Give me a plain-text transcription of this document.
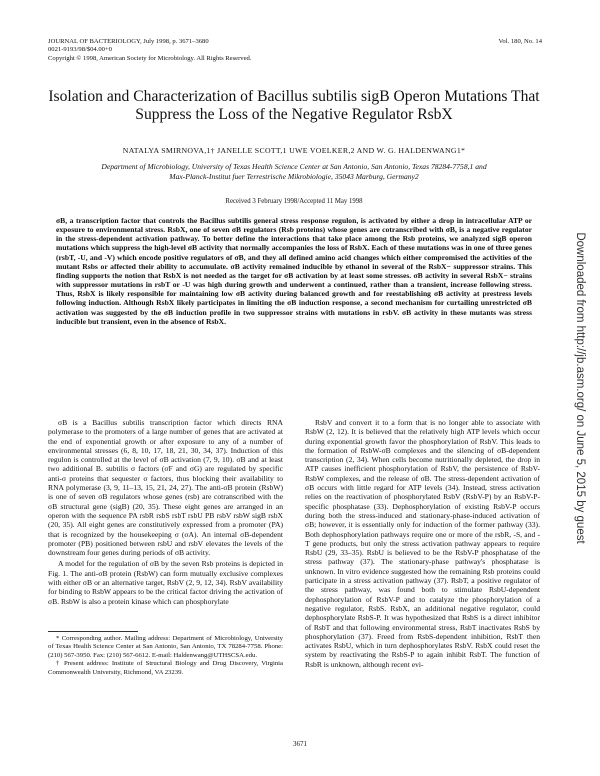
JOURNAL OF BACTERIOLOGY, July 1998, p. 3671–3680
0021-9193/98/$04.00+0
Copyright © 1998, American Society for Microbiology. All Rights Reserved.
Vol. 180, No. 14
Isolation and Characterization of Bacillus subtilis sigB Operon Mutations That Suppress the Loss of the Negative Regulator RsbX
NATALYA SMIRNOVA,1† JANELLE SCOTT,1 UWE VOELKER,2 AND W. G. HALDENWANG1*
Department of Microbiology, University of Texas Health Science Center at San Antonio, San Antonio, Texas 78284-7758,1 and Max-Planck-Institut fuer Terrestrische Mikrobiologie, 35043 Marburg, Germany2
Received 3 February 1998/Accepted 11 May 1998

σB, a transcription factor that controls the Bacillus subtilis general stress response regulon, is activated by either a drop in intracellular ATP or exposure to environmental stress. RsbX, one of seven σB regulators (Rsb proteins) whose genes are cotranscribed with σB, is a negative regulator in the stress-dependent activation pathway. To better define the interactions that take place among the Rsb proteins, we analyzed sigB operon mutations which suppress the high-level σB activity that normally accompanies the loss of RsbX. Each of these mutations was in one of three genes (rsbT, -U, and -V) which encode positive regulators of σB, and they all defined amino acid changes which either compromised the activities of the mutant Rsbs or affected their ability to accumulate. σB activity remained inducible by ethanol in several of the RsbX− suppressor strains. This finding supports the notion that RsbX is not needed as the target for σB activation by at least some stresses. σB activity in several RsbX− strains with suppressor mutations in rsbT or -U was high during growth and underwent a continued, rather than a transient, increase following stress. Thus, RsbX is likely responsible for maintaining low σB activity during balanced growth and for reestablishing σB activity at prestress levels following induction. Although RsbX likely participates in limiting the σB induction response, a second mechanism for curtailing unrestricted σB activation was suggested by the σB induction profile in two suppressor strains with mutations in rsbV. σB activity in these mutants was stress inducible but transient, even in the absence of RsbX.

σB is a Bacillus subtilis transcription factor which directs RNA polymerase to the promoters of a large number of genes that are activated at the end of exponential growth or after exposure to any of a number of environmental stresses (6, 8, 10, 17, 18, 21, 30, 34, 37). Induction of this regulon is controlled at the level of σB activation (7, 9, 10). σB and at least two additional B. subtilis σ factors (σF and σG) are regulated by specific anti-σ proteins that sequester σ factors, thus blocking their availability to RNA polymerase (3, 9, 11–13, 15, 21, 24, 27). The anti-σB protein (RsbW) is one of seven σB regulators whose genes (rsb) are cotranscribed with the σB structural gene (sigB) (20, 35). These eight genes are arranged in an operon with the sequence PA rsbR rsbS rsbT rsbU PB rsbV rsbW sigB rsbX (20, 35). All eight genes are constitutively expressed from a promoter (PA) that is recognized by the housekeeping σ (σA). An internal σB-dependent promoter (PB) positioned between rsbU and rsbV elevates the levels of the downstream four genes during periods of σB activity.

A model for the regulation of σB by the seven Rsb proteins is depicted in Fig. 1. The anti-σB protein (RsbW) can form mutually exclusive complexes with either σB or an alternative target, RsbV (2, 9, 12, 34). RsbV availability for binding to RsbW appears to be the critical factor driving the activation of σB. RsbW is also a protein kinase which can phosphorylate

RsbV and convert it to a form that is no longer able to associate with RsbW (2, 12). It is believed that the relatively high ATP levels which occur during exponential growth favor the phosphorylation of RsbV. This leads to the formation of RsbW-σB complexes and the silencing of σB-dependent transcription (2, 34). When cells become nutritionally depleted, the drop in ATP causes inefficient phosphorylation of RsbV, the persistence of RsbV-RsbW complexes, and the release of σB. The stress-dependent activation of σB occurs with little regard for ATP levels (34). Instead, stress activation relies on the reactivation of phosphorylated RsbV (RsbV-P) by an RsbV-P-specific phosphatase (33). Dephosphorylation of existing RsbV-P occurs during both the stress-induced and stationary-phase-induced activation of σB; however, it is essentially only for induction of the former pathway (33). Both dephosphorylation pathways require one or more of the rsbR, -S, and -T gene products, but only the stress activation pathway appears to require RsbU (29, 33–35). RsbU is believed to be the RsbV-P phosphatase of the stress pathway (37). The stationary-phase pathway's phosphatase is unknown. In vitro evidence suggested how the remaining Rsb proteins could participate in a stress activation pathway (37). RsbT, a positive regulator of the stress pathway, was found both to stimulate RsbU-dependent dephosphorylation of RsbV-P and to catalyze the phosphorylation of a negative regulator, RsbS. RsbX, an additional negative regulator, could dephosphorylate RsbS-P. It was hypothesized that RsbS is a direct inhibitor of RsbT and that following environmental stress, RsbT inactivates RsbS by phosphorylation (37). Freed from RsbS-dependent inhibition, RsbT then activates RsbU, which in turn dephosphorylates RsbV. RsbX could reset the system by reactivating the RsbS-P to again inhibit RsbT. The function of RsbR is unknown, although recent evi-

* Corresponding author. Mailing address: Department of Microbiology, University of Texas Health Science Center at San Antonio, San Antonio, TX 78284-7758. Phone: (210) 567-3950. Fax: (210) 567-6612. E-mail: Haldenwang@UTHSCSA.edu.

† Present address: Institute of Structural Biology and Drug Discovery, Virginia Commonwealth University, Richmond, VA 23239.

3671
Downloaded from http://jb.asm.org/ on June 5, 2015 by guest
